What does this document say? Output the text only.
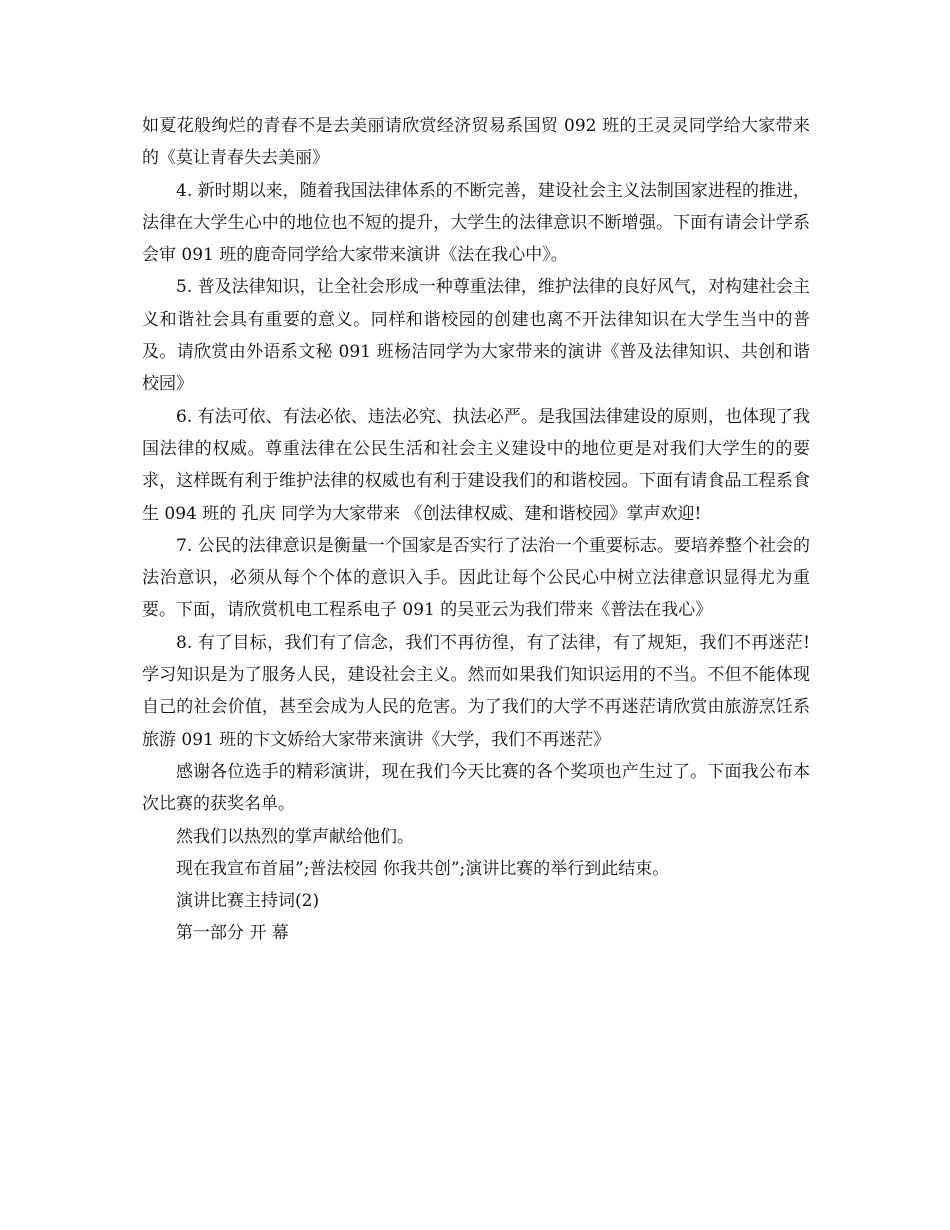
如夏花般绚烂的青春不是去美丽请欣赏经济贸易系国贸 092 班的王灵灵同学给大家带来的《莫让青春失去美丽》

4. 新时期以来，随着我国法律体系的不断完善，建设社会主义法制国家进程的推进，法律在大学生心中的地位也不短的提升，大学生的法律意识不断增强。下面有请会计学系会审 091 班的鹿奇同学给大家带来演讲《法在我心中》。

5. 普及法律知识，让全社会形成一种尊重法律，维护法律的良好风气，对构建社会主义和谐社会具有重要的意义。同样和谐校园的创建也离不开法律知识在大学生当中的普及。请欣赏由外语系文秘 091 班杨洁同学为大家带来的演讲《普及法律知识、共创和谐校园》

6. 有法可依、有法必依、违法必究、执法必严。是我国法律建设的原则，也体现了我国法律的权威。尊重法律在公民生活和社会主义建设中的地位更是对我们大学生的的要求，这样既有利于维护法律的权威也有利于建设我们的和谐校园。下面有请食品工程系食生 094 班的 孔庆 同学为大家带来 《创法律权威、建和谐校园》掌声欢迎!

7. 公民的法律意识是衡量一个国家是否实行了法治一个重要标志。要培养整个社会的法治意识，必须从每个个体的意识入手。因此让每个公民心中树立法律意识显得尤为重要。下面，请欣赏机电工程系电子 091 的吴亚云为我们带来《普法在我心》

8. 有了目标，我们有了信念，我们不再彷徨，有了法律，有了规矩，我们不再迷茫!学习知识是为了服务人民，建设社会主义。然而如果我们知识运用的不当。不但不能体现自己的社会价值，甚至会成为人民的危害。为了我们的大学不再迷茫请欣赏由旅游烹饪系旅游 091 班的卞文娇给大家带来演讲《大学，我们不再迷茫》

感谢各位选手的精彩演讲，现在我们今天比赛的各个奖项也产生过了。下面我公布本次比赛的获奖名单。

然我们以热烈的掌声献给他们。

现在我宣布首届”;普法校园 你我共创”;演讲比赛的举行到此结束。

演讲比赛主持词(2)

第一部分 开 幕
